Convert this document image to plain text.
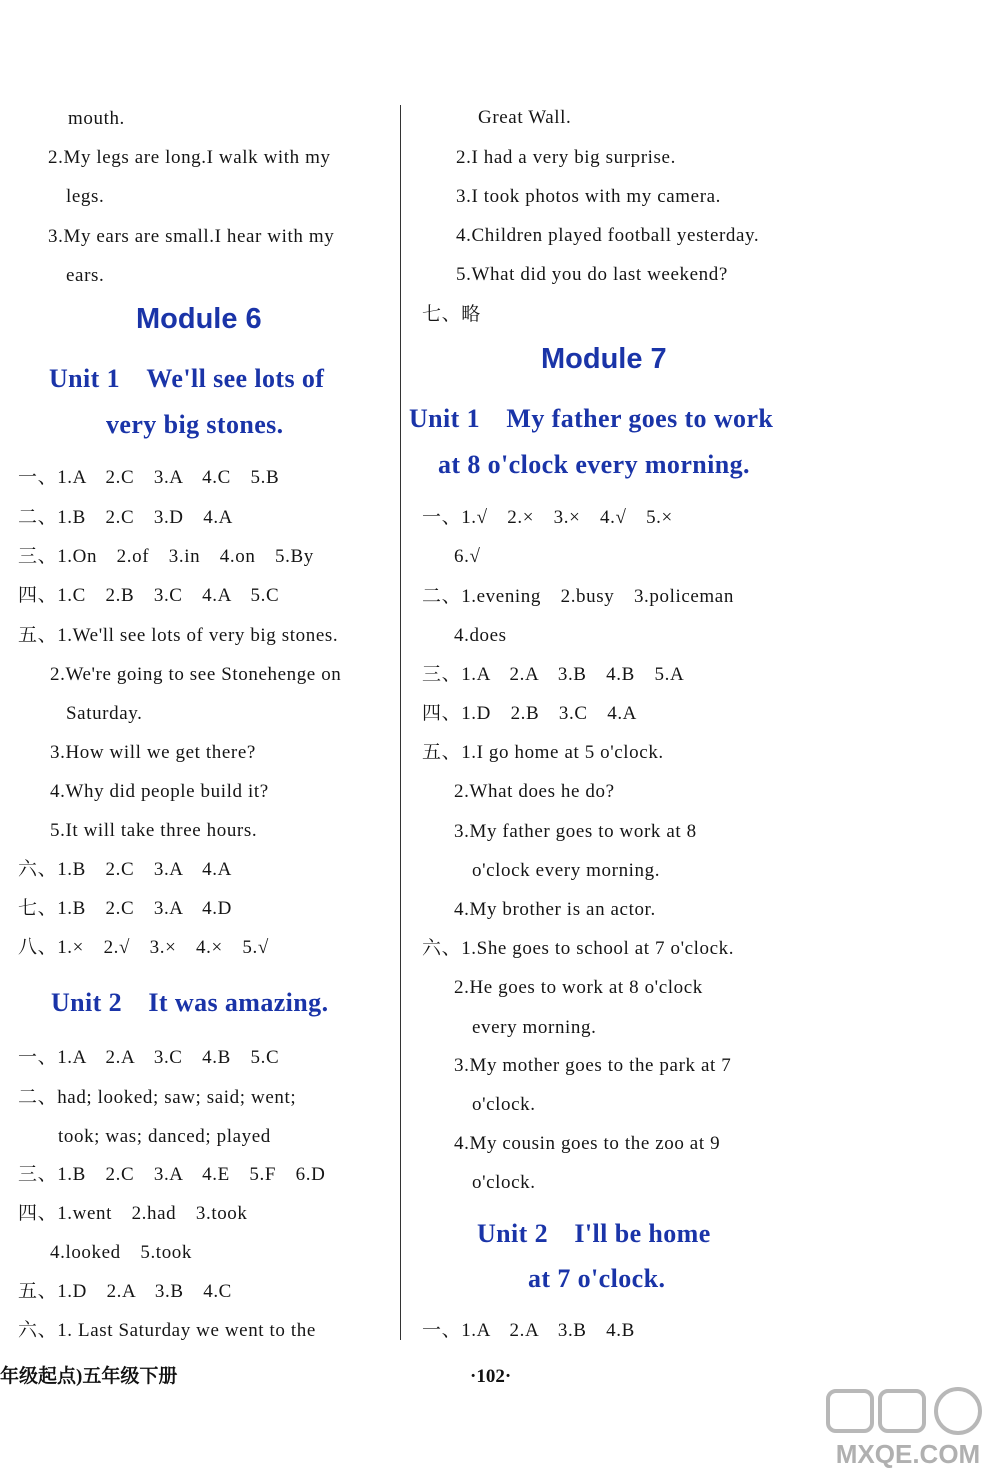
mouth.
2.My legs are long.I walk with my
legs.
3.My ears are small.I hear with my
ears.
Module 6
Unit 1　We'll see lots of
very big stones.
一、1.A　2.C　3.A　4.C　5.B
二、1.B　2.C　3.D　4.A
三、1.On　2.of　3.in　4.on　5.By
四、1.C　2.B　3.C　4.A　5.C
五、1.We'll see lots of very big stones.
2.We're going to see Stonehenge on
Saturday.
3.How will we get there?
4.Why did people build it?
5.It will take three hours.
六、1.B　2.C　3.A　4.A
七、1.B　2.C　3.A　4.D
八、1.×　2.√　3.×　4.×　5.√
Unit 2　It was amazing.
一、1.A　2.A　3.C　4.B　5.C
二、had; looked; saw; said; went;
took; was; danced; played
三、1.B　2.C　3.A　4.E　5.F　6.D
四、1.went　2.had　3.took
4.looked　5.took
五、1.D　2.A　3.B　4.C
六、1. Last Saturday we went to the
Great Wall.
2.I had a very big surprise.
3.I took photos with my camera.
4.Children played football yesterday.
5.What did you do last weekend?
七、略
Module 7
Unit 1　My father goes to work
at 8 o'clock every morning.
一、1.√　2.×　3.×　4.√　5.×
6.√
二、1.evening　2.busy　3.policeman
4.does
三、1.A　2.A　3.B　4.B　5.A
四、1.D　2.B　3.C　4.A
五、1.I go home at 5 o'clock.
2.What does he do?
3.My father goes to work at 8
o'clock every morning.
4.My brother is an actor.
六、1.She goes to school at 7 o'clock.
2.He goes to work at 8 o'clock
every morning.
3.My mother goes to the park at 7
o'clock.
4.My cousin goes to the zoo at 9
o'clock.
Unit 2　I'll be home
at 7 o'clock.
一、1.A　2.A　3.B　4.B
年级起点)五年级下册	·102·
MXQE.COM
